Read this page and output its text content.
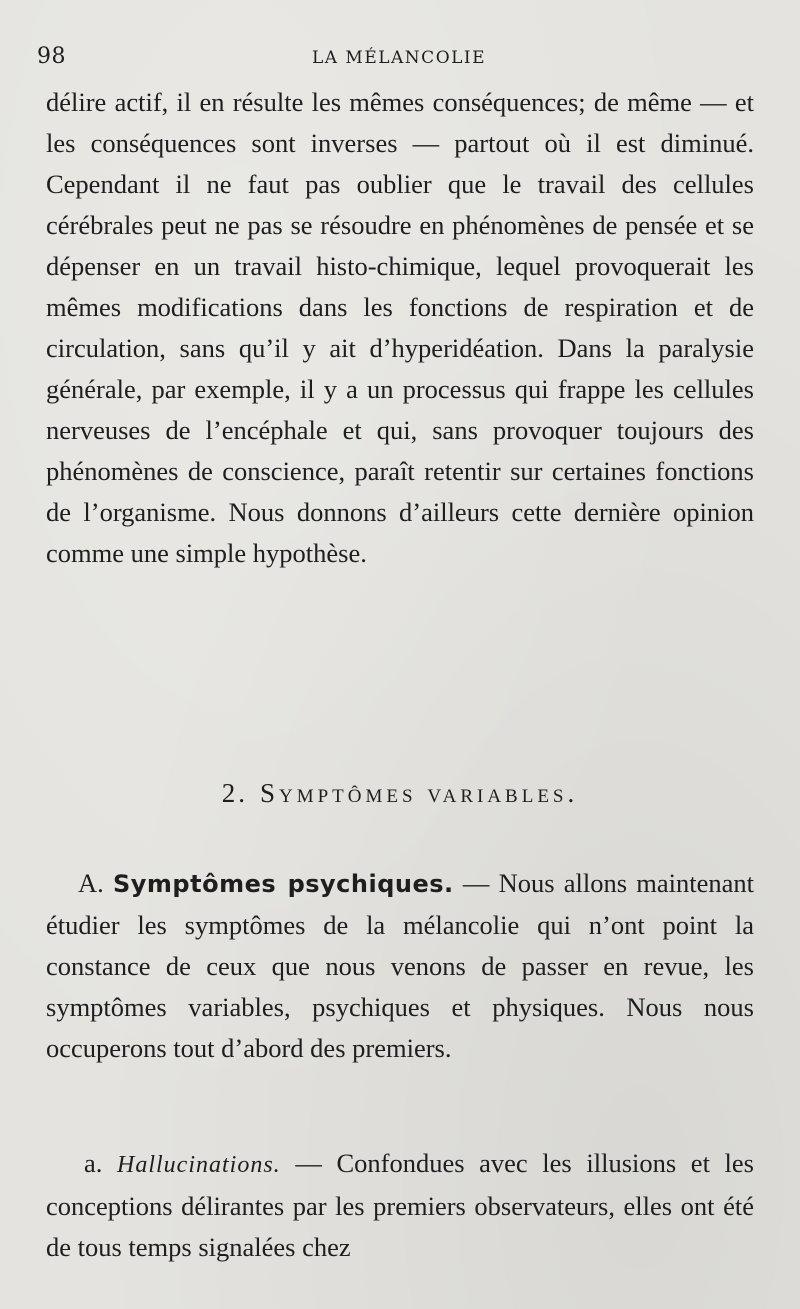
98	LA MÉLANCOLIE

délire actif, il en résulte les mêmes conséquences; de même — et les conséquences sont inverses — partout où il est diminué. Cependant il ne faut pas oublier que le travail des cellules cérébrales peut ne pas se résoudre en phénomènes de pensée et se dépenser en un travail histo-chimique, lequel provoquerait les mêmes modifications dans les fonctions de respiration et de circulation, sans qu’il y ait d’hyperidéation. Dans la paralysie générale, par exemple, il y a un processus qui frappe les cellules nerveuses de l’encéphale et qui, sans provoquer toujours des phénomènes de conscience, paraît retentir sur certaines fonctions de l’organisme. Nous donnons d’ailleurs cette dernière opinion comme une simple hypothèse.

2. Symptômes variables.

A. Symptômes psychiques. — Nous allons maintenant étudier les symptômes de la mélancolie qui n’ont point la constance de ceux que nous venons de passer en revue, les symptômes variables, psychiques et physiques. Nous nous occuperons tout d’abord des premiers.

a. Hallucinations. — Confondues avec les illusions et les conceptions délirantes par les premiers observateurs, elles ont été de tous temps signalées chez
